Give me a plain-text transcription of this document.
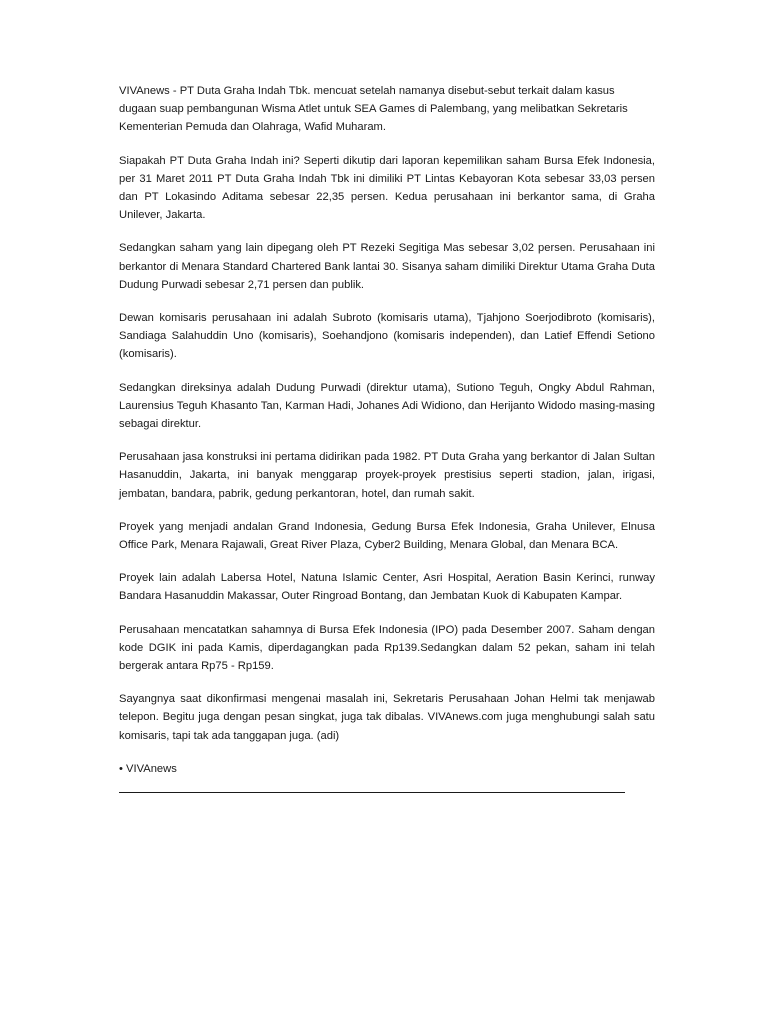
VIVAnews - PT Duta Graha Indah Tbk. mencuat setelah namanya disebut-sebut terkait dalam kasus dugaan suap pembangunan Wisma Atlet untuk SEA Games di Palembang, yang melibatkan Sekretaris Kementerian Pemuda dan Olahraga, Wafid Muharam.

Siapakah PT Duta Graha Indah ini? Seperti dikutip dari laporan kepemilikan saham Bursa Efek Indonesia, per 31 Maret 2011 PT Duta Graha Indah Tbk ini dimiliki PT Lintas Kebayoran Kota sebesar 33,03 persen dan PT Lokasindo Aditama sebesar 22,35 persen. Kedua perusahaan ini berkantor sama, di Graha Unilever, Jakarta.

Sedangkan saham yang lain dipegang oleh PT Rezeki Segitiga Mas sebesar 3,02 persen. Perusahaan ini berkantor di Menara Standard Chartered Bank lantai 30. Sisanya saham dimiliki Direktur Utama Graha Duta Dudung Purwadi sebesar 2,71 persen dan publik.

Dewan komisaris perusahaan ini adalah Subroto (komisaris utama), Tjahjono Soerjodibroto (komisaris), Sandiaga Salahuddin Uno (komisaris), Soehandjono (komisaris independen), dan Latief Effendi Setiono (komisaris).

Sedangkan direksinya adalah Dudung Purwadi (direktur utama), Sutiono Teguh, Ongky Abdul Rahman, Laurensius Teguh Khasanto Tan, Karman Hadi, Johanes Adi Widiono, dan Herijanto Widodo masing-masing sebagai direktur.

Perusahaan jasa konstruksi ini pertama didirikan pada 1982. PT Duta Graha yang berkantor di Jalan Sultan Hasanuddin, Jakarta, ini banyak menggarap proyek-proyek prestisius seperti stadion, jalan, irigasi, jembatan, bandara, pabrik, gedung perkantoran, hotel, dan rumah sakit.

Proyek yang menjadi andalan Grand Indonesia, Gedung Bursa Efek Indonesia, Graha Unilever, Elnusa Office Park, Menara Rajawali, Great River Plaza, Cyber2 Building, Menara Global, dan Menara BCA.

Proyek lain adalah Labersa Hotel, Natuna Islamic Center, Asri Hospital, Aeration Basin Kerinci, runway Bandara Hasanuddin Makassar, Outer Ringroad Bontang, dan Jembatan Kuok di Kabupaten Kampar.

Perusahaan mencatatkan sahamnya di Bursa Efek Indonesia (IPO) pada Desember 2007. Saham dengan kode DGIK ini pada Kamis, diperdagangkan pada Rp139.Sedangkan dalam 52 pekan, saham ini telah bergerak antara Rp75 - Rp159.

Sayangnya saat dikonfirmasi mengenai masalah ini, Sekretaris Perusahaan Johan Helmi tak menjawab telepon. Begitu juga dengan pesan singkat, juga tak dibalas. VIVAnews.com juga menghubungi salah satu komisaris, tapi tak ada tanggapan juga. (adi)

• VIVAnews
